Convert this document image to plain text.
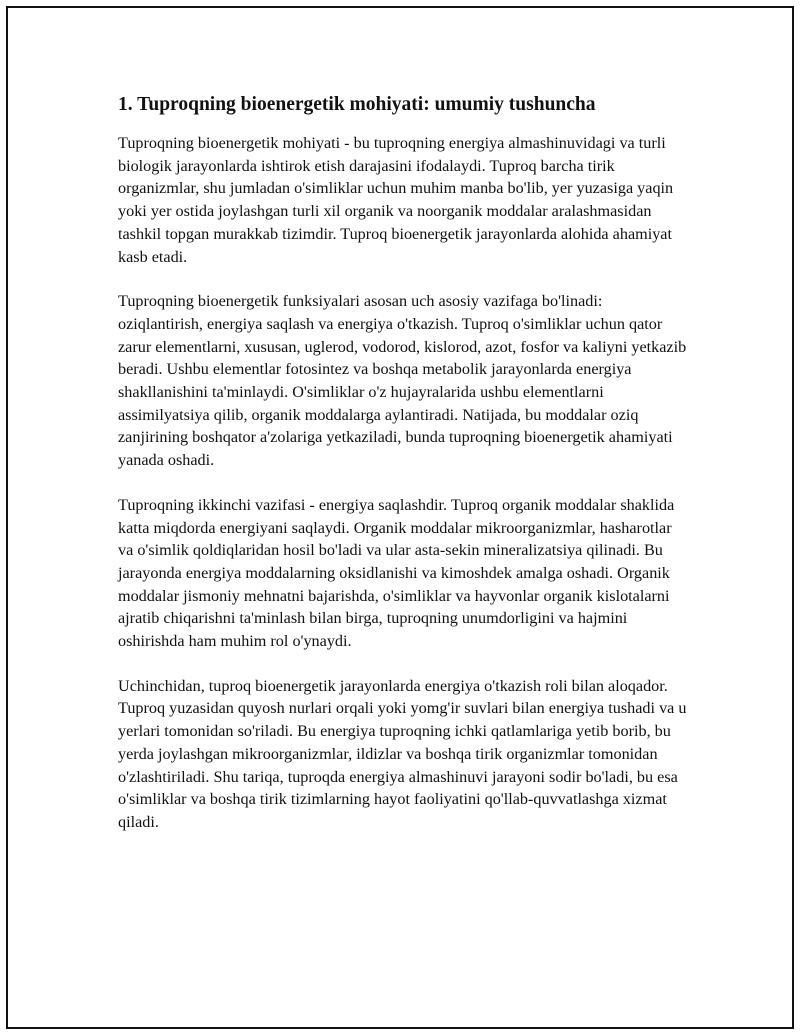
1. Tuproqning bioenergetik mohiyati: umumiy tushuncha

Tuproqning bioenergetik mohiyati - bu tuproqning energiya almashinuvidagi va turli biologik jarayonlarda ishtirok etish darajasini ifodalaydi. Tuproq barcha tirik organizmlar, shu jumladan o'simliklar uchun muhim manba bo'lib, yer yuzasiga yaqin yoki yer ostida joylashgan turli xil organik va noorganik moddalar aralashmasidan tashkil topgan murakkab tizimdir. Tuproq bioenergetik jarayonlarda alohida ahamiyat kasb etadi.

Tuproqning bioenergetik funksiyalari asosan uch asosiy vazifaga bo'linadi: oziqlantirish, energiya saqlash va energiya o'tkazish. Tuproq o'simliklar uchun qator zarur elementlarni, xususan, uglerod, vodorod, kislorod, azot, fosfor va kaliyni yetkazib beradi. Ushbu elementlar fotosintez va boshqa metabolik jarayonlarda energiya shakllanishini ta'minlaydi. O'simliklar o'z hujayralarida ushbu elementlarni assimilyatsiya qilib, organik moddalarga aylantiradi. Natijada, bu moddalar oziq zanjirining boshqator a'zolariga yetkaziladi, bunda tuproqning bioenergetik ahamiyati yanada oshadi.

Tuproqning ikkinchi vazifasi - energiya saqlashdir. Tuproq organik moddalar shaklida katta miqdorda energiyani saqlaydi. Organik moddalar mikroorganizmlar, hasharotlar va o'simlik qoldiqlaridan hosil bo'ladi va ular asta-sekin mineralizatsiya qilinadi. Bu jarayonda energiya moddalarning oksidlanishi va kimoshdek amalga oshadi. Organik moddalar jismoniy mehnatni bajarishda, o'simliklar va hayvonlar organik kislotalarni ajratib chiqarishni ta'minlash bilan birga, tuproqning unumdorligini va hajmini oshirishda ham muhim rol o'ynaydi.

Uchinchidan, tuproq bioenergetik jarayonlarda energiya o'tkazish roli bilan aloqador. Tuproq yuzasidan quyosh nurlari orqali yoki yomg'ir suvlari bilan energiya tushadi va u yerlari tomonidan so'riladi. Bu energiya tuproqning ichki qatlamlariga yetib borib, bu yerda joylashgan mikroorganizmlar, ildizlar va boshqa tirik organizmlar tomonidan o'zlashtiriladi. Shu tariqa, tuproqda energiya almashinuvi jarayoni sodir bo'ladi, bu esa o'simliklar va boshqa tirik tizimlarning hayot faoliyatini qo'llab-quvvatlashga xizmat qiladi.
